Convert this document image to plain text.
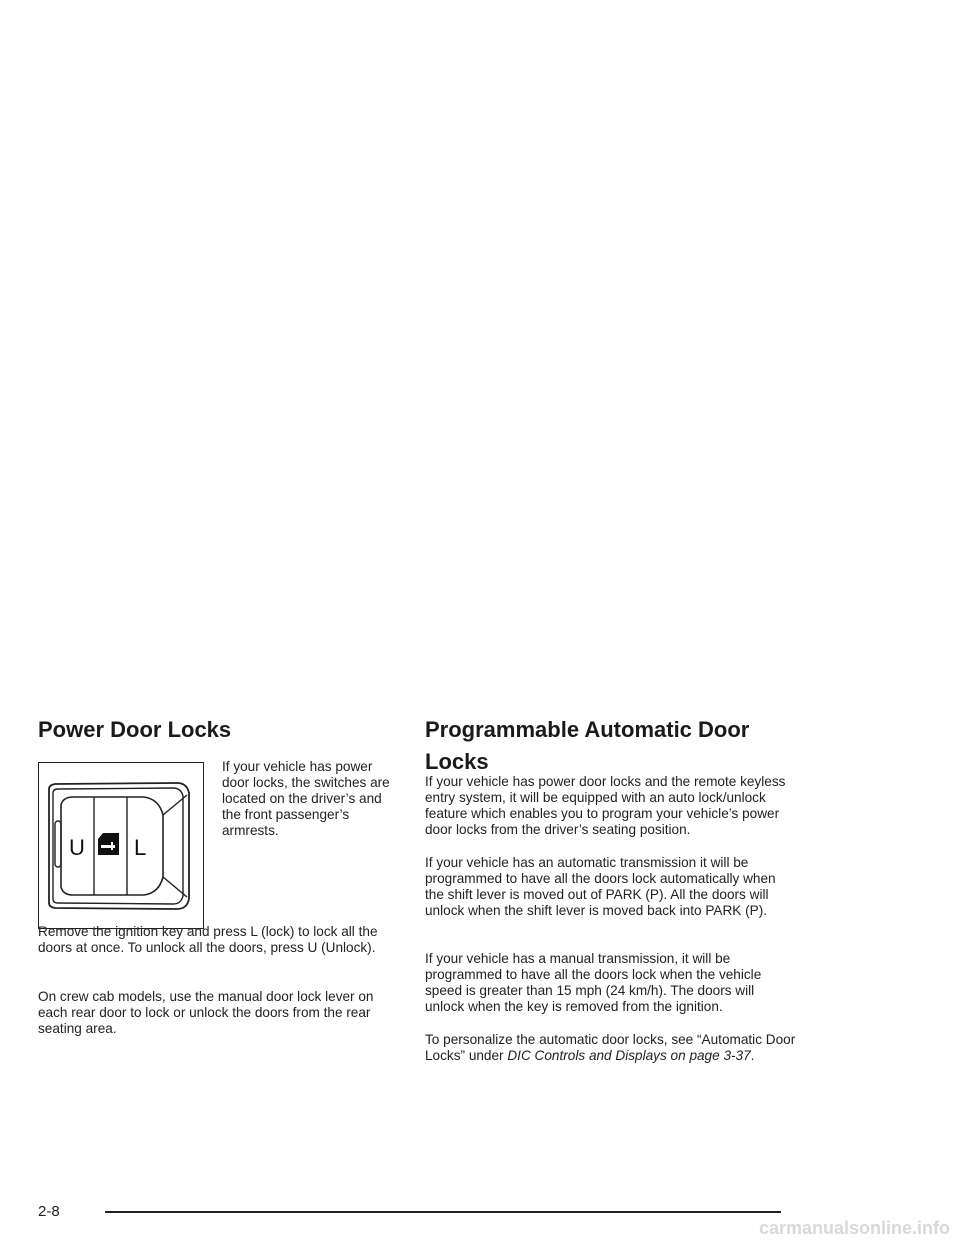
Power Door Locks
U L

If your vehicle has power door locks, the switches are located on the driver’s and the front passenger’s armrests.

Remove the ignition key and press L (lock) to lock all the doors at once. To unlock all the doors, press U (Unlock).

On crew cab models, use the manual door lock lever on each rear door to lock or unlock the doors from the rear seating area.

Programmable Automatic Door Locks

If your vehicle has power door locks and the remote keyless entry system, it will be equipped with an auto lock/unlock feature which enables you to program your vehicle’s power door locks from the driver’s seating position.

If your vehicle has an automatic transmission it will be programmed to have all the doors lock automatically when the shift lever is moved out of PARK (P). All the doors will unlock when the shift lever is moved back into PARK (P).

If your vehicle has a manual transmission, it will be programmed to have all the doors lock when the vehicle speed is greater than 15 mph (24 km/h). The doors will unlock when the key is removed from the ignition.

To personalize the automatic door locks, see “Automatic Door Locks” under DIC Controls and Displays on page 3-37.

2-8
carmanualsonline.info
